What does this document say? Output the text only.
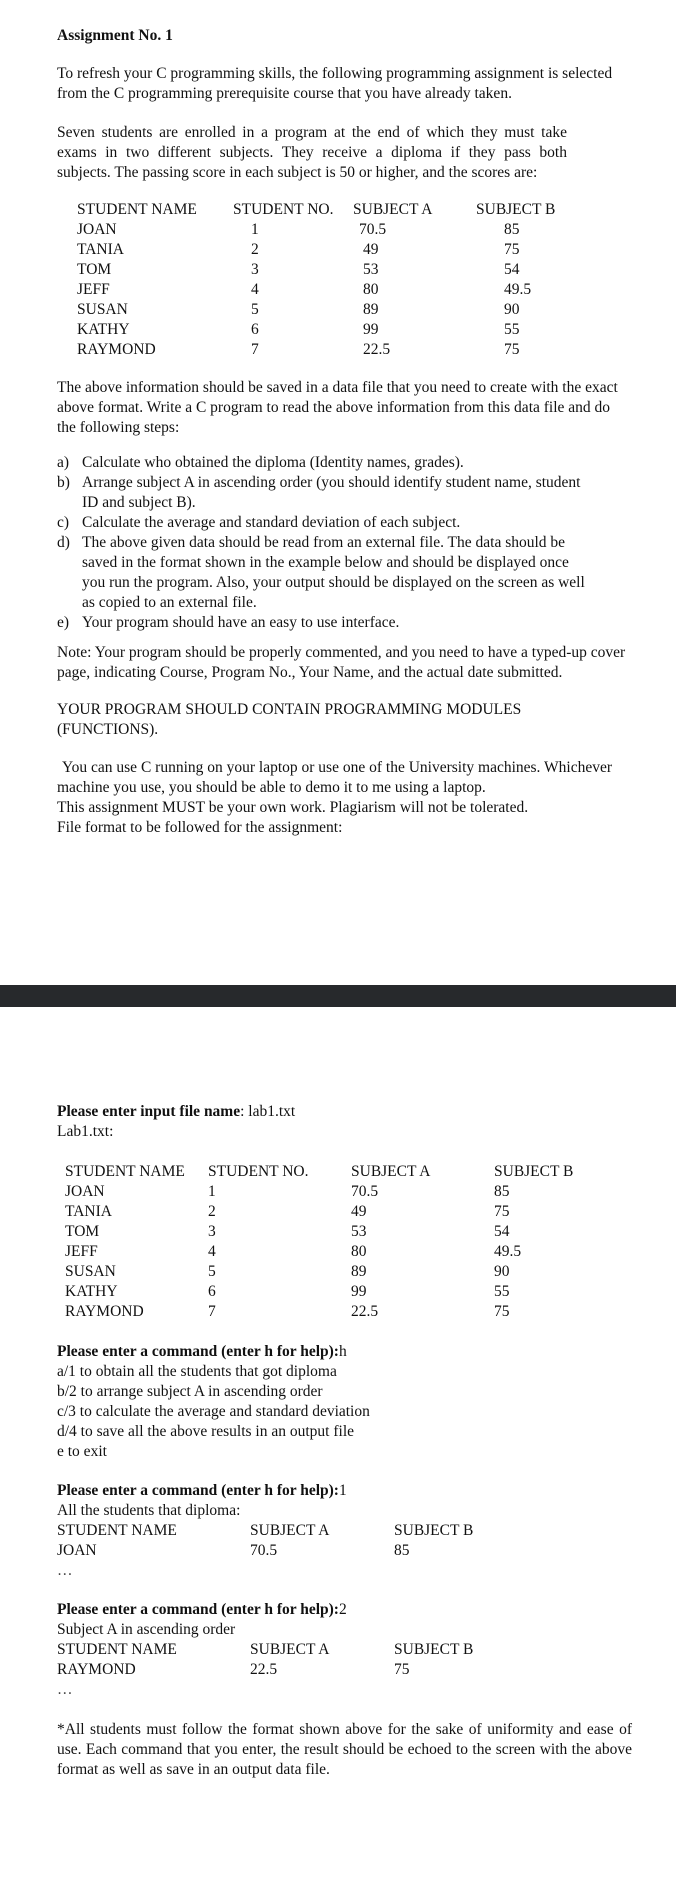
Assignment No. 1

To refresh your C programming skills, the following programming assignment is selected from the C programming prerequisite course that you have already taken.

Seven students are enrolled in a program at the end of which they must take exams in two different subjects. They receive a diploma if they pass both subjects. The passing score in each subject is 50 or higher, and the scores are:

STUDENT NAME	STUDENT NO.	SUBJECT A	SUBJECT B
JOAN	1	70.5	85
TANIA	2	49	75
TOM	3	53	54
JEFF	4	80	49.5
SUSAN	5	89	90
KATHY	6	99	55
RAYMOND	7	22.5	75

The above information should be saved in a data file that you need to create with the exact above format. Write a C program to read the above information from this data file and do the following steps:

a) Calculate who obtained the diploma (Identity names, grades).
b) Arrange subject A in ascending order (you should identify student name, student ID and subject B).
c) Calculate the average and standard deviation of each subject.
d) The above given data should be read from an external file. The data should be saved in the format shown in the example below and should be displayed once you run the program. Also, your output should be displayed on the screen as well as copied to an external file.
e) Your program should have an easy to use interface.

Note: Your program should be properly commented, and you need to have a typed-up cover page, indicating Course, Program No., Your Name, and the actual date submitted.

YOUR PROGRAM SHOULD CONTAIN PROGRAMMING MODULES (FUNCTIONS).

You can use C running on your laptop or use one of the University machines. Whichever machine you use, you should be able to demo it to me using a laptop.

This assignment MUST be your own work. Plagiarism will not be tolerated.

File format to be followed for the assignment:

Please enter input file name: lab1.txt
Lab1.txt:
STUDENT NAME	STUDENT NO.	SUBJECT A	SUBJECT B
JOAN	1	70.5	85
TANIA	2	49	75
TOM	3	53	54
JEFF	4	80	49.5
SUSAN	5	89	90
KATHY	6	99	55
RAYMOND	7	22.5	75
Please enter a command (enter h for help):h
a/1 to obtain all the students that got diploma
b/2 to arrange subject A in ascending order
c/3 to calculate the average and standard deviation
d/4 to save all the above results in an output file
e to exit
Please enter a command (enter h for help):1
All the students that diploma:
STUDENT NAME	SUBJECT A	SUBJECT B
JOAN	70.5	85
…
Please enter a command (enter h for help):2
Subject A in ascending order
STUDENT NAME	SUBJECT A	SUBJECT B
RAYMOND	22.5	75
…

*All students must follow the format shown above for the sake of uniformity and ease of use. Each command that you enter, the result should be echoed to the screen with the above format as well as save in an output data file.
